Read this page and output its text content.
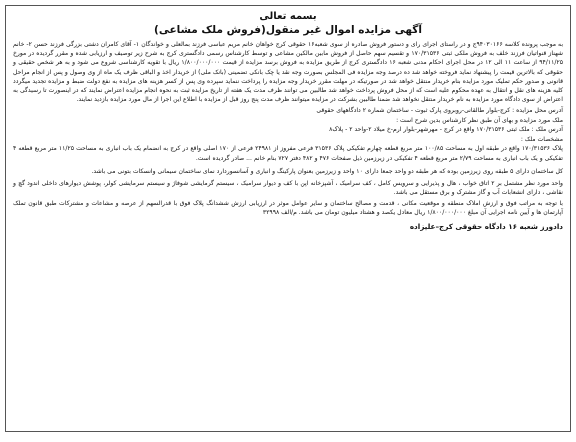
بسمه تعالی
آگهی مزایده اموال غیر منقول(فروش ملک مشاعی)

به موجب پرونده کلاسه ۹۴۰۳۰۱۶۶ج و در راستای اجرای رای و دستور فروش صادره از سوی شعبه۱۶ حقوقی کرج خواهان خانم مریم عباسی فرزند بمالعلی و خواندگان ۱- آقای کامران دشتی بزرگی فرزند حسن ۲- خانم شهناز قنواتیان فرزند خلف به فروش ملکی ثبتی ۱۷۰/۳۱۵۳۶ و تقسیم سهم حاصل از فروش مابین مالکین مشاعی و توسط کارشناس رسمی دادگستری کرج به شرح زیر توصیف و ارزیابی شده و مقرر گردیده در مورخ ۹۴/۱۱/۲۵ از ساعت ۱۱ الی ۱۲ در محل اجرای احکام مدنی شعبه ۱۶ دادگستری کرج از طریق مزایده به فروش برسد مزایده از قیمت ۱/۸۰۰/۰۰۰/۰۰۰ ریال با تقویه کارشناسی شروع می شود و به هر شخص حقیقی و حقوقی که بالاترین قیمت را پیشنهاد نماید فروخته خواهد شد ده درصد وجه مزایده فی المجلس بصورت وجه نقد یا چک بانکی تضمینی (بانک ملی) از خریدار اخذ و الباقی ظرف یک ماه از وی وصول و پس از انجام مراحل قانونی و صدور حکم تملیک مورد مزایده بنام خریدار منتقل خواهد شد در صورتیکه در مهلت مقرر خریدار وجه مزایده را پرداخت ننماید سپرده وی پس از کسر هزینه های مزایده به نفع دولت ضبط و مزایده تجدید میگردد کلیه هزینه های نقل و انتقال به عهده محکوم علیه است که از محل فروش پرداخت خواهد شد طالبین می توانند ظرف مدت یک هفته از تاریخ مزایده ثبت به نحوه انجام مزایده اعتراض نمایند که در اینصورت تا رسیدگی به اعتراض از سوی دادگاه مورد مزایده به نام خریدار منتقل نخواهد شد ضمنا طالبین بشرکت در مزایده میتوانند ظرف مدت پنج روز قبل از مزایده با اطلاع این اجرا از مال مورد مزایده بازدید نمایند.

آدرس محل مزایده : کرج-بلوار طالقانی-روبروی پارک ثبوت - ساختمان شماره ۲ دادگاههای حقوقی

ملک مورد مزایده و بهای آن طبق نظر کارشناس بدین شرح است :

آدرس ملک : ملک ثبتی ۱۷۰/۳۱۵۳۶ واقع در کرج - مهرشهر-بلوار ارم-خ میلاد ۲-واحد ۲ - پلاک۸

مشخصات ملک :

پلاک ۱۷۰/۳۱۵۳۶ واقع در طبقه اول به مساحت ۱۰۰/۸۵ متر مربع قطعه چهارم تفکیکی پلاک ۳۱۵۳۶ فرعی مفروز از ۲۴۹۸۱ فرعی از ۱۷۰ اصلی واقع در کرج به انضمام یک باب انباری به مساحت ۱۱/۲۵ متر مربع قطعه ۴ تفکیکی و یک باب انباری به مساحت ۲/۷۹ متر مربع قطعه ۴ تفکیکی در زیرزمین ذیل صفحات ۴۷۶ و ۴۸۲ دفتر ۷۲۷ بنام خانم ... صادر گردیده است.

کل ساختمان دارای ۵ طبقه روی زیرزمین بوده که هر طبقه دو واحد جمعا دارای ۱۰ واحد و زیرزمین بعنوان پارکینگ و انباری و آسانسوردارد نمای ساختمان سیمانی وانسکات بتونی می باشد.

واحد مورد نظر مشتمل بر ۲ اتاق خواب ، هال و پذیرایی و سرویس کامل ، کف سرامیک ، آشپزخانه اپن با کف و دیوار سرامیک ، سیستم گرمایشی شوفاژ و سیستم سرمایشی کولر، پوشش دیوارهای داخلی اندود گچ و نقاشی ، دارای انشعابات آب و گاز مشترک و برق مستقل می باشد.

با توجه به مراتب فوق و ارزش املاک منطقه و موقعیت مکانی ، قدمت و مصالح ساختمان و سایر عوامل موثر در ارزیابی ارزش ششدانگ پلاک فوق با قدرالسهم از عرصه و مشاعات و مشترکات طبق قانون تملک آپارتمان ها و آیین نامه اجرایی آن مبلغ ۱/۸۰۰/۰۰۰/۰۰۰ ریال معادل یکصد و هشتاد میلیون تومان می باشد. م/الف ۳۲۹۹۸

دادورز شعبه ۱۶ دادگاه حقوقی کرج–علیزاده
